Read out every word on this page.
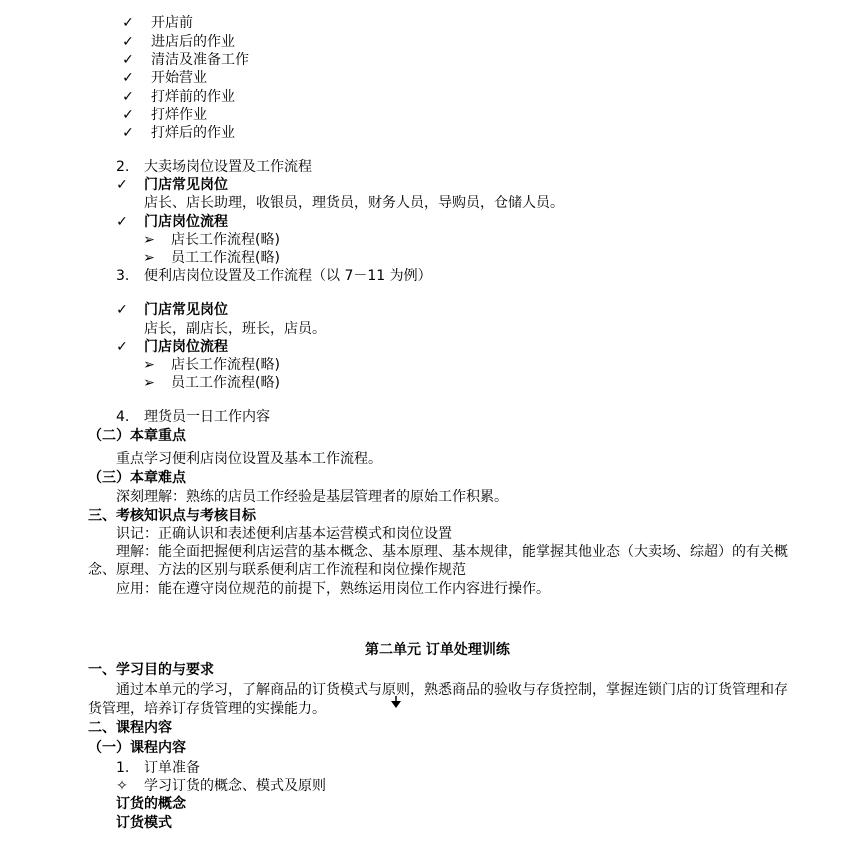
✓ 开店前
✓ 进店后的作业
✓ 清洁及准备工作
✓ 开始营业
✓ 打烊前的作业
✓ 打烊作业
✓ 打烊后的作业
2. 大卖场岗位设置及工作流程
✓ 门店常见岗位
店长、店长助理，收银员，理货员，财务人员，导购员，仓储人员。
✓ 门店岗位流程
➢ 店长工作流程(略)
➢ 员工工作流程(略)
3. 便利店岗位设置及工作流程（以 7－11 为例）
✓ 门店常见岗位
店长，副店长，班长，店员。
✓ 门店岗位流程
➢ 店长工作流程(略)
➢ 员工工作流程(略)
4. 理货员一日工作内容
（二）本章重点
重点学习便利店岗位设置及基本工作流程。
（三）本章难点
深刻理解：熟练的店员工作经验是基层管理者的原始工作积累。
三、考核知识点与考核目标
识记：正确认识和表述便利店基本运营模式和岗位设置
理解：能全面把握便利店运营的基本概念、基本原理、基本规律，能掌握其他业态（大卖场、综超）的有关概
念、原理、方法的区别与联系便利店工作流程和岗位操作规范
应用：能在遵守岗位规范的前提下，熟练运用岗位工作内容进行操作。
第二单元 订单处理训练
一、学习目的与要求
通过本单元的学习，了解商品的订货模式与原则，熟悉商品的验收与存货控制，掌握连锁门店的订货管理和存
货管理，培养订存货管理的实操能力。
二、课程内容
（一）课程内容
1. 订单准备
✧ 学习订货的概念、模式及原则
订货的概念
订货模式
